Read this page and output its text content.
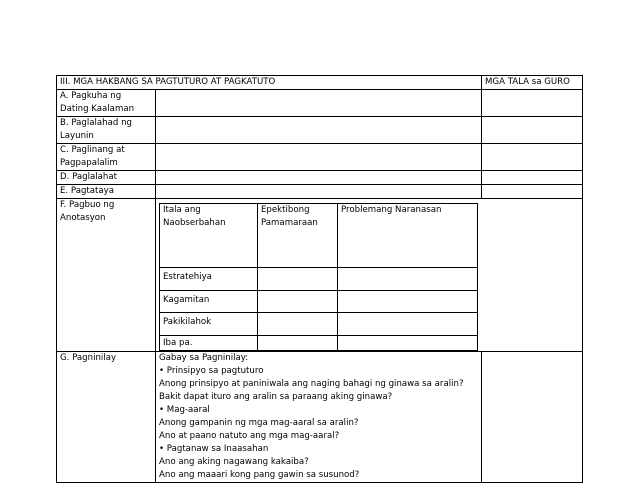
III. MGA HAKBANG SA PAGTUTURO AT PAGKATUTO	MGA TALA sa GURO
A. Pagkuha ng Dating Kaalaman		
B. Paglalahad ng Layunin		
C. Paglinang at Pagpapalalim		
D. Paglalahat		
E. Pagtataya		
F. Pagbuo ng Anotasyon	
Itala ang Naobserbahan	Epektibong Pamamaraan	Problemang Naranasan
Estratehiya		
Kagamitan		
Pakikilahok		
Iba pa.		

G. Pagninilay	Gabay sa Pagninilay:
• Prinsipyo sa pagtuturo
Anong prinsipyo at paniniwala ang naging bahagi ng ginawa sa aralin?
Bakit dapat ituro ang aralin sa paraang aking ginawa?
• Mag-aaral
Anong gampanin ng mga mag-aaral sa aralin?
Ano at paano natuto ang mga mag-aaral?
• Pagtanaw sa Inaasahan
Ano ang aking nagawang kakaiba?
Ano ang maaari kong pang gawin sa susunod?
